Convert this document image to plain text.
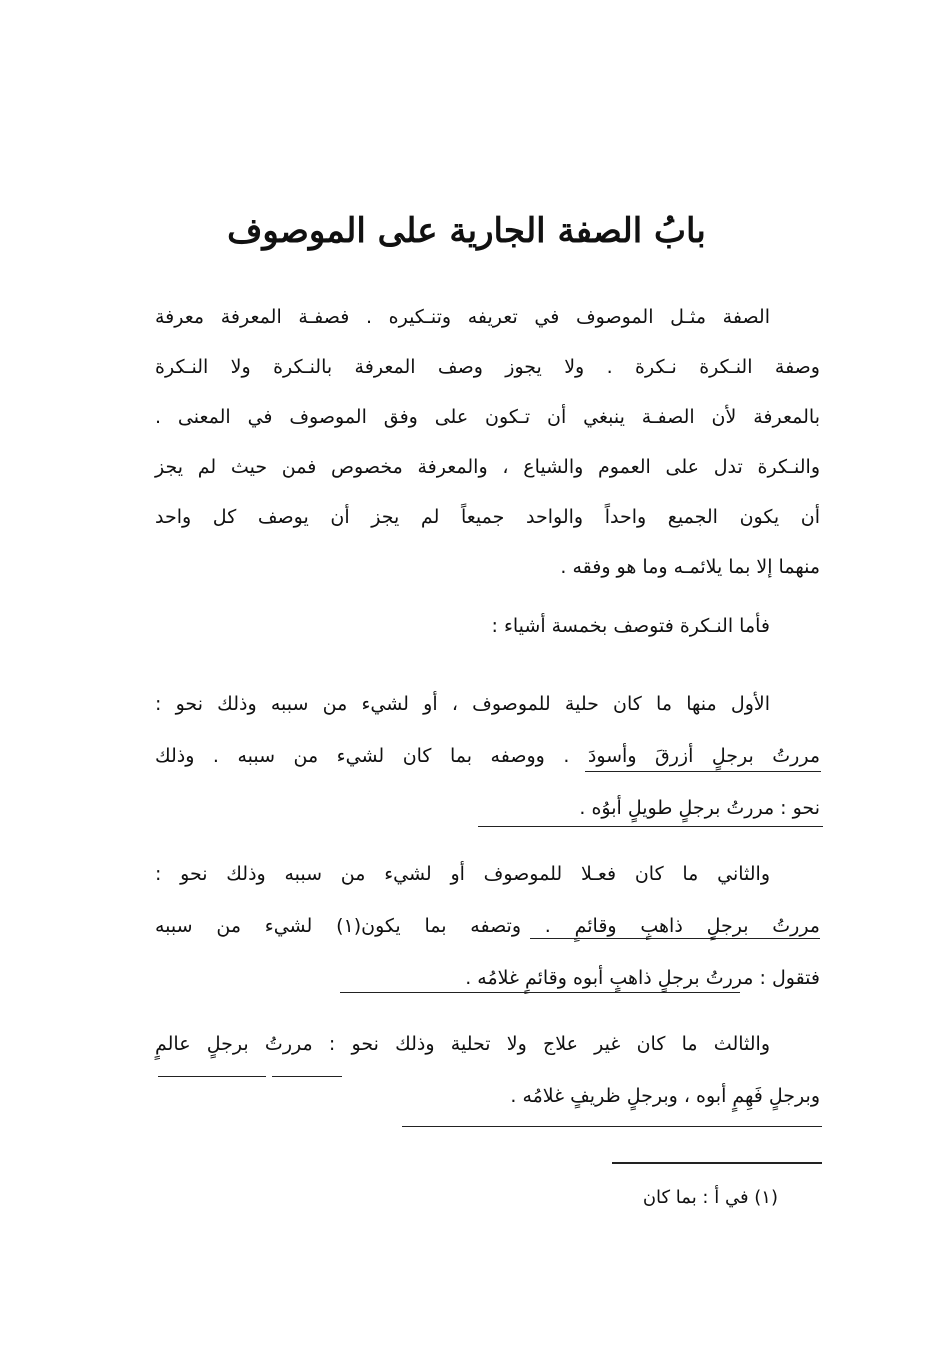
بابُ الصفة الجارية على الموصوف
الصفة مثـل الموصوف في تعريفه وتنـكيره . فصفـة المعرفة معرفة
وصفة النـكرة نـكرة . ولا يجوز وصف المعرفة بالنـكرة ولا النـكرة
بالمعرفة لأن الصفـة ينبغي أن تـكون على وفق الموصوف في المعنى .
والنـكرة تدل على العموم والشياع ، والمعرفة مخصوص فمن حيث لم يجز
أن يكون الجميع واحداً والواحد جميعاً لم يجز أن يوصف كل واحد
منهما إلا بما يلائمـه وما هو وفقه .
فأما النـكرة فتوصف بخمسة أشياء :
الأول منها ما كان حلية للموصوف ، أو لشيء من سببه وذلك نحو :
مررتُ برجلٍ أزرقَ وأسودَ . ووصفه بما كان لشيء من سببه . وذلك
نحو : مررتُ برجلٍ طويلٍ أبوُه .
والثاني ما كان فعـلا للموصوف أو لشيء من سببه وذلك نحو :
مررتُ برجلٍ ذاهبٍ وقائمٍ . وتصفه بما يكون(١) لشيء من سببه
فتقول : مررتُ برجلٍ ذاهبٍ أبوه وقائمٍ غلامُه .
والثالث ما كان غير علاج ولا تحلية وذلك نحو : مررتُ برجلٍ عالمٍ
وبرجلٍ فَهِمٍ أبوه ، وبرجلٍ ظريفٍ غلامُه .
(١) في أ : بما كان
